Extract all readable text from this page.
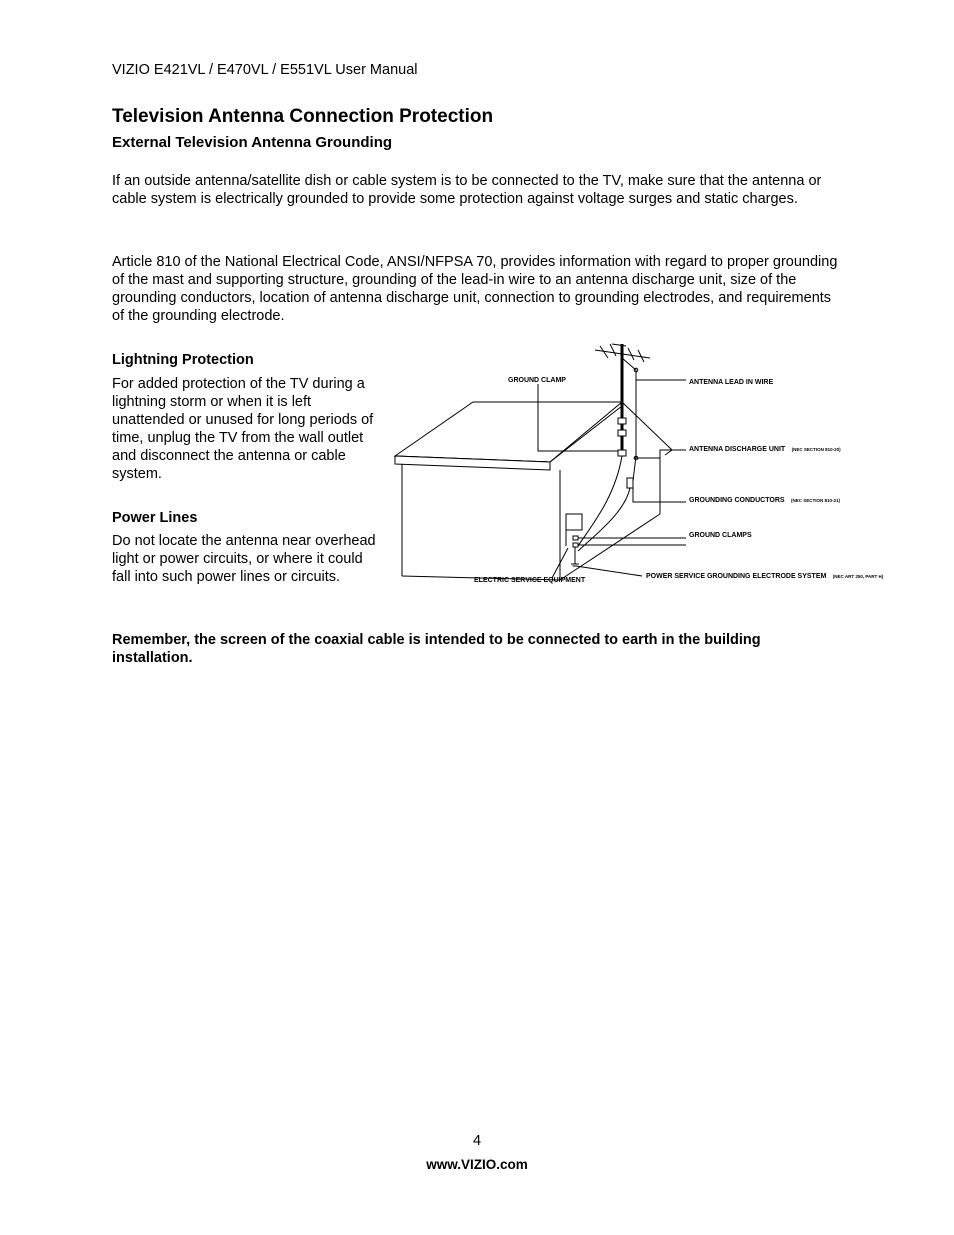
VIZIO E421VL / E470VL / E551VL User Manual
Television Antenna Connection Protection
External Television Antenna Grounding

If an outside antenna/satellite dish or cable system is to be connected to the TV, make sure that the antenna or cable system is electrically grounded to provide some protection against voltage surges and static charges.

Article 810 of the National Electrical Code, ANSI/NFPSA 70, provides information with regard to proper grounding of the mast and supporting structure, grounding of the lead-in wire to an antenna discharge unit, size of the grounding conductors, location of antenna discharge unit, connection to grounding electrodes, and requirements of the grounding electrode.

Lightning Protection

For added protection of the TV during a lightning storm or when it is left unattended or unused for long periods of time, unplug the TV from the wall outlet and disconnect the antenna or cable system.

Power Lines

Do not locate the antenna near overhead light or power circuits, or where it could fall into such power lines or circuits.

GROUND CLAMP	ANTENNA LEAD IN WIRE
ANTENNA DISCHARGE UNIT (NEC SECTION 810-20)
GROUNDING CONDUCTORS (NEC SECTION 810-21)
GROUND CLAMPS
ELECTRIC SERVICE EQUIPMENT
POWER SERVICE GROUNDING ELECTRODE SYSTEM (NEC ART 250, PART H)

Remember, the screen of the coaxial cable is intended to be connected to earth in the building installation.

4
www.VIZIO.com
